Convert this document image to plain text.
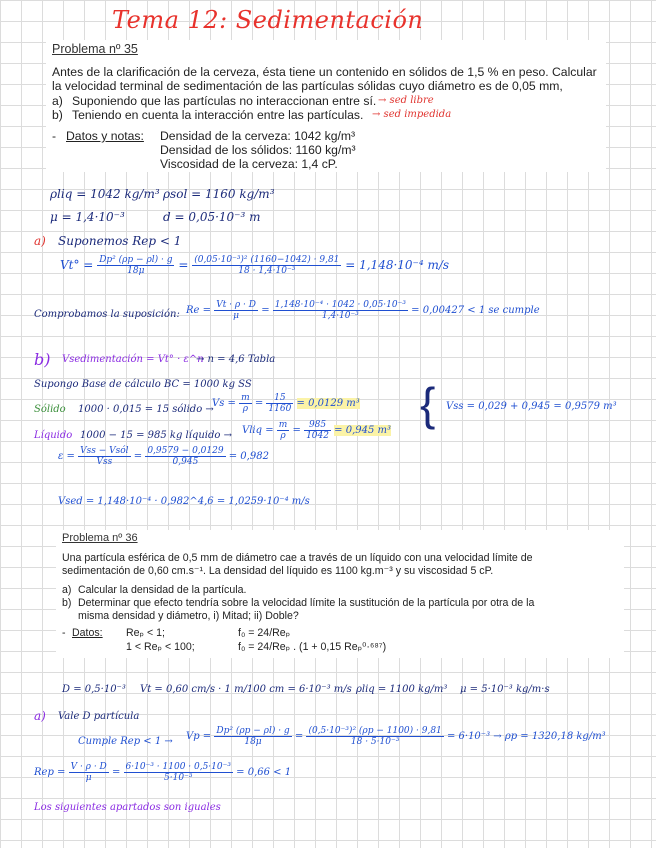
Tema 12: Sedimentación
Problema nº 35
Antes de la clarificación de la cerveza, ésta tiene un contenido en sólidos de 1,5 % en peso. Calcular
la velocidad terminal de sedimentación de las partículas sólidas cuyo diámetro es de 0,05 mm,
a) Suponiendo que las partículas no interaccionan entre sí. → sed libre
b) Teniendo en cuenta la interacción entre las partículas. → sed impedida
- Datos y notas: Densidad de la cerveza: 1042 kg/m³
Densidad de los sólidos: 1160 kg/m³
Viscosidad de la cerveza: 1,4 cP.
ρliq = 1042 kg/m³ ρsol = 1160 kg/m³
μ = 1,4·10⁻³	d = 0,05·10⁻³ m
a) Suponemos Rep < 1
$Vt^\circ = \frac{\text{Dp² (ρp − ρl) · g}}{18\mu} = \frac{\text{(0,05·10⁻³)² (1160−1042) · 9,81}}{\text{18 · 1,4·10⁻³}} = 1,148\cdot 10^{-4}$ m/s
Comprobamos la suposición: $Re = \frac{Vt \cdot \rho \cdot D}{\mu} = \frac{\text{1,148·10⁻⁴ · 1042 · 0,05·10⁻³}}{\text{1,4·10⁻³}} = 0,00427 < 1$ se cumple
b) Vsedimentación = Vt° · ε^n
→ n = 4,6 Tabla
Supongo Base de cálculo BC = 1000 kg SS
Sólido 1000 · 0,015 = 15 sólido →
$Vs = \frac{m}{\rho} = \frac{15}{1160} = 0,0129$ m³
Líquido 1000 − 15 = 985 kg líquido → Vliq = $\frac{m}{\rho} = \frac{985}{1042} = 0,945$ m³
{ Vss = 0,029 + 0,945 = 0,9579 m³
$\varepsilon = \frac{\text{Vss − Vsól}}{\text{Vss}} = \frac{0,9579 - 0,0129}{0,945} = 0,982$
Vsed = 1,148·10⁻⁴ · 0,982^4,6 = 1,0259·10⁻⁴ m/s
Problema nº 36
Una partícula esférica de 0,5 mm de diámetro cae a través de un líquido con una velocidad límite de
sedimentación de 0,60 cm.s⁻¹. La densidad del líquido es 1100 kg.m⁻³ y su viscosidad 5 cP.
a) Calcular la densidad de la partícula.
b) Determinar que efecto tendría sobre la velocidad límite la sustitución de la partícula por otra de la
misma densidad y diámetro, i) Mitad; ii) Doble?
- Datos: Reₚ < 1;	f₀ = 24/Reₚ
1 < Reₚ < 100;	f₀ = 24/Reₚ . (1 + 0,15 Reₚ⁰·⁶⁸⁷)
D = 0,5·10⁻³ Vt = 0,60 cm/s · 1 m/100 cm = 6·10⁻³ m/s ρliq = 1100 kg/m³ μ = 5·10⁻³ kg/m·s
a) Vale D partícula
Cumple Rep < $1 \to Vp = \frac{\text{Dp² (ρp − ρl) · g}}{18\mu} = \frac{\text{(0,5·10⁻³)² (ρp − 1100) · 9,81}}{\text{18 · 5·10⁻³}} = 6\cdot 10^{-3} \to \rho p = 1320,18$ kg/m³
Rep = $\frac{V \cdot \rho \cdot D}{\mu} = \frac{\text{6·10⁻³ · 1100 · 0,5·10⁻³}}{\text{5·10⁻³}} = 0,66 < 1$
Los siguientes apartados son iguales
